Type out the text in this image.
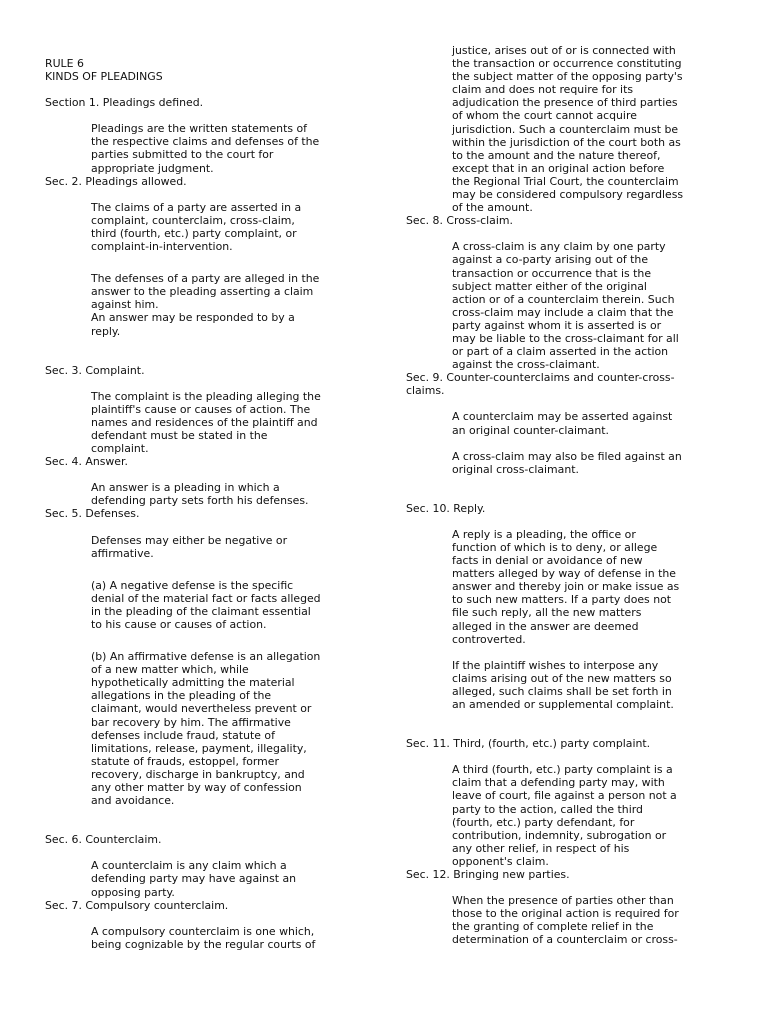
RULE 6

KINDS OF PLEADINGS

Section 1. Pleadings defined.

Pleadings are the written statements of
the respective claims and defenses of the
parties submitted to the court for
appropriate judgment.

Sec. 2. Pleadings allowed.

The claims of a party are asserted in a
complaint, counterclaim, cross-claim,
third (fourth, etc.) party complaint, or
complaint-in-intervention.

The defenses of a party are alleged in the
answer to the pleading asserting a claim
against him.
An answer may be responded to by a
reply.

Sec. 3. Complaint.

The complaint is the pleading alleging the
plaintiff's cause or causes of action. The
names and residences of the plaintiff and
defendant must be stated in the
complaint.

Sec. 4. Answer.

An answer is a pleading in which a
defending party sets forth his defenses.

Sec. 5. Defenses.

Defenses may either be negative or
affirmative.

(a) A negative defense is the specific
denial of the material fact or facts alleged
in the pleading of the claimant essential
to his cause or causes of action.

(b) An affirmative defense is an allegation
of a new matter which, while
hypothetically admitting the material
allegations in the pleading of the
claimant, would nevertheless prevent or
bar recovery by him. The affirmative
defenses include fraud, statute of
limitations, release, payment, illegality,
statute of frauds, estoppel, former
recovery, discharge in bankruptcy, and
any other matter by way of confession
and avoidance.

Sec. 6. Counterclaim.

A counterclaim is any claim which a
defending party may have against an
opposing party.

Sec. 7. Compulsory counterclaim.

A compulsory counterclaim is one which,
being cognizable by the regular courts of

justice, arises out of or is connected with
the transaction or occurrence constituting
the subject matter of the opposing party's
claim and does not require for its
adjudication the presence of third parties
of whom the court cannot acquire
jurisdiction. Such a counterclaim must be
within the jurisdiction of the court both as
to the amount and the nature thereof,
except that in an original action before
the Regional Trial Court, the counterclaim
may be considered compulsory regardless
of the amount.

Sec. 8. Cross-claim.

A cross-claim is any claim by one party
against a co-party arising out of the
transaction or occurrence that is the
subject matter either of the original
action or of a counterclaim therein. Such
cross-claim may include a claim that the
party against whom it is asserted is or
may be liable to the cross-claimant for all
or part of a claim asserted in the action
against the cross-claimant.

Sec. 9. Counter-counterclaims and counter-cross-
claims.

A counterclaim may be asserted against
an original counter-claimant.

A cross-claim may also be filed against an
original cross-claimant.

Sec. 10. Reply.

A reply is a pleading, the office or
function of which is to deny, or allege
facts in denial or avoidance of new
matters alleged by way of defense in the
answer and thereby join or make issue as
to such new matters. If a party does not
file such reply, all the new matters
alleged in the answer are deemed
controverted.

If the plaintiff wishes to interpose any
claims arising out of the new matters so
alleged, such claims shall be set forth in
an amended or supplemental complaint.

Sec. 11. Third, (fourth, etc.) party complaint.

A third (fourth, etc.) party complaint is a
claim that a defending party may, with
leave of court, file against a person not a
party to the action, called the third
(fourth, etc.) party defendant, for
contribution, indemnity, subrogation or
any other relief, in respect of his
opponent's claim.

Sec. 12. Bringing new parties.

When the presence of parties other than
those to the original action is required for
the granting of complete relief in the
determination of a counterclaim or cross-
